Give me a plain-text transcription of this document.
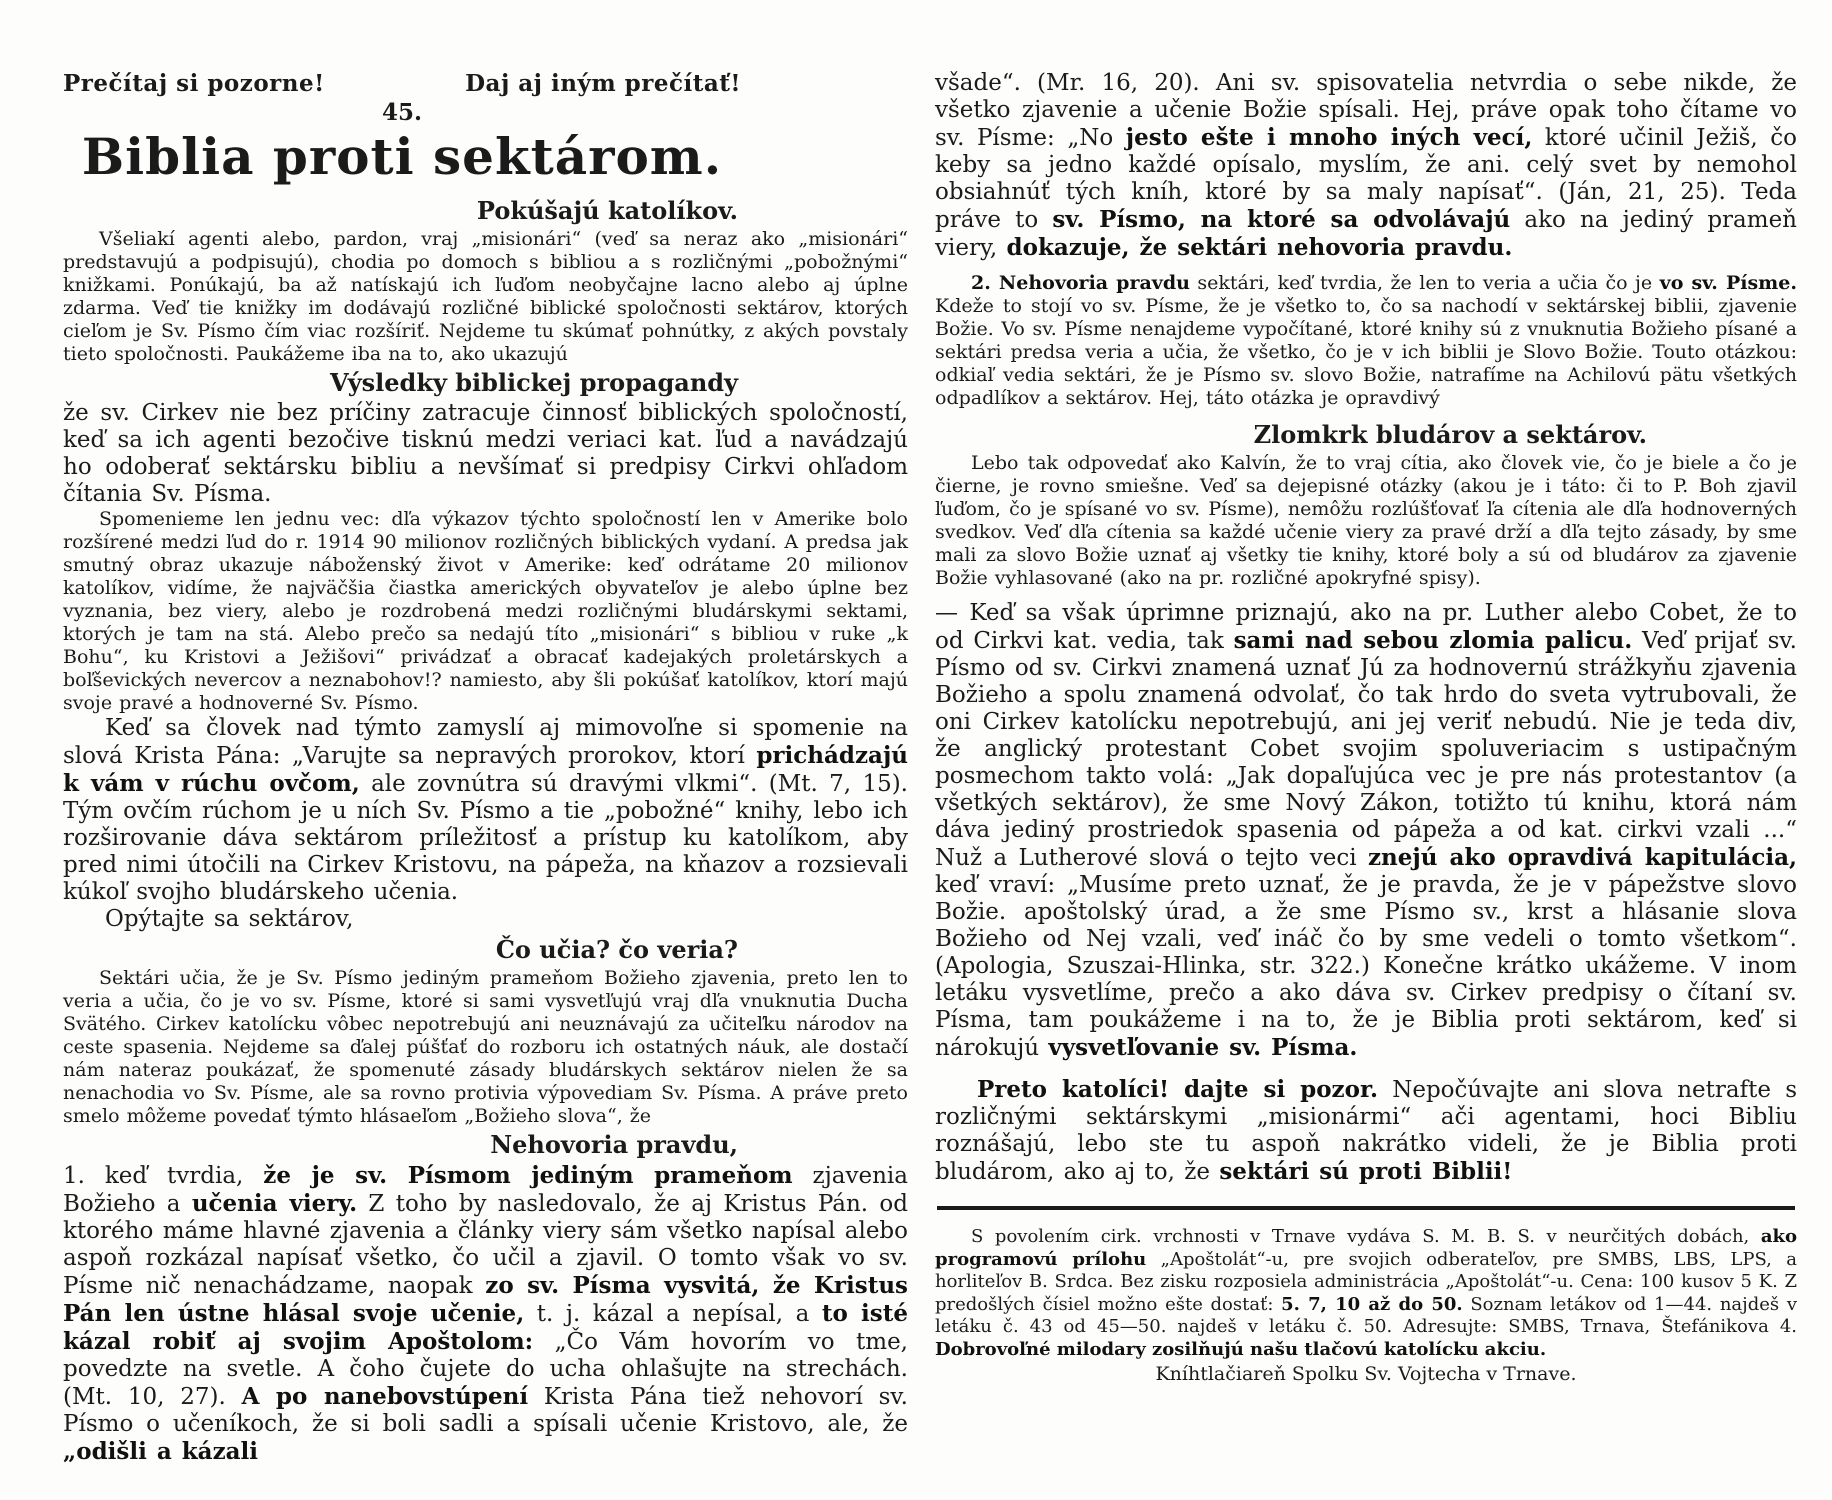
Prečítaj si pozorne!	Daj aj iným prečítať!
45.
Biblia proti sektárom.
Pokúšajú katolíkov.

Všeliakí agenti alebo, pardon, vraj „misionári“ (veď sa neraz ako „misionári“ predstavujú a podpisujú), chodia po domoch s bibliou a s rozličnými „pobožnými“ knižkami. Ponúkajú, ba až natískajú ich ľuďom neobyčajne lacno alebo aj úplne zdarma. Veď tie knižky im dodávajú rozličné biblické spoločnosti sektárov, ktorých cieľom je Sv. Písmo čím viac rozšíriť. Nejdeme tu skúmať pohnútky, z akých povstaly tieto spoločnosti. Paukážeme iba na to, ako ukazujú

Výsledky biblickej propagandy

že sv. Cirkev nie bez príčiny zatracuje činnosť biblických spoločností, keď sa ich agenti bezočive tisknú medzi veriaci kat. ľud a navádzajú ho odoberať sektársku bibliu a nevšímať si predpisy Cirkvi ohľadom čítania Sv. Písma.

Spomenieme len jednu vec: dľa výkazov týchto spoločností len v Amerike bolo rozšírené medzi ľud do r. 1914 90 milionov rozličných biblických vydaní. A predsa jak smutný obraz ukazuje náboženský život v Amerike: keď odrátame 20 milionov katolíkov, vidíme, že najväčšia čiastka amerických obyvateľov je alebo úplne bez vyznania, bez viery, alebo je rozdrobená medzi rozličnými bludárskymi sektami, ktorých je tam na stá. Alebo prečo sa nedajú títo „misionári“ s bibliou v ruke „k Bohu“, ku Kristovi a Ježišovi“ privádzať a obracať kadejakých proletárskych a boľševických nevercov a neznabohov!? namiesto, aby šli pokúšať katolíkov, ktorí majú svoje pravé a hodnoverné Sv. Písmo.

Keď sa človek nad týmto zamyslí aj mimovoľne si spomenie na slová Krista Pána: „Varujte sa nepravých prorokov, ktorí prichádzajú k vám v rúchu ovčom, ale zovnútra sú dravými vlkmi“. (Mt. 7, 15). Tým ovčím rúchom je u ních Sv. Písmo a tie „pobožné“ knihy, lebo ich rozširovanie dáva sektárom príležitosť a prístup ku katolíkom, aby pred nimi útočili na Cirkev Kristovu, na pápeža, na kňazov a rozsievali kúkoľ svojho bludárskeho učenia.

Opýtajte sa sektárov,

Čo učia? čo veria?

Sektári učia, že je Sv. Písmo jediným prameňom Božieho zjavenia, preto len to veria a učia, čo je vo sv. Písme, ktoré si sami vysvetľujú vraj dľa vnuknutia Ducha Svätého. Cirkev katolícku vôbec nepotrebujú ani neuznávajú za učiteľku národov na ceste spasenia. Nejdeme sa ďalej púšťať do rozboru ich ostatných náuk, ale dostačí nám nateraz poukázať, že spomenuté zásady bludárskych sektárov nielen že sa nenachodia vo Sv. Písme, ale sa rovno protivia výpovediam Sv. Písma. A práve preto smelo môžeme povedať týmto hlásaeľom „Božieho slova“, že

Nehovoria pravdu,

1. keď tvrdia, že je sv. Písmom jediným prameňom zjavenia Božieho a učenia viery. Z toho by nasledovalo, že aj Kristus Pán. od ktorého máme hlavné zjavenia a články viery sám všetko napísal alebo aspoň rozkázal napísať všetko, čo učil a zjavil. O tomto však vo sv. Písme nič nenachádzame, naopak zo sv. Písma vysvitá, že Kristus Pán len ústne hlásal svoje učenie, t. j. kázal a nepísal, a to isté kázal robiť aj svojim Apoštolom: „Čo Vám hovorím vo tme, povedzte na svetle. A čoho čujete do ucha ohlašujte na strechách. (Mt. 10, 27). A po nanebovstúpení Krista Pána tiež nehovorí sv. Písmo o učeníkoch, že si boli sadli a spísali učenie Kristovo, ale, že „odišli a kázali

všade“. (Mr. 16, 20). Ani sv. spisovatelia netvrdia o sebe nikde, že všetko zjavenie a učenie Božie spísali. Hej, práve opak toho čítame vo sv. Písme: „No jesto ešte i mnoho iných vecí, ktoré učinil Ježiš, čo keby sa jedno každé opísalo, myslím, že ani. celý svet by nemohol obsiahnúť tých kníh, ktoré by sa maly napísať“. (Ján, 21, 25). Teda práve to sv. Písmo, na ktoré sa odvolávajú ako na jediný prameň viery, dokazuje, že sektári nehovoria pravdu.

2. Nehovoria pravdu sektári, keď tvrdia, že len to veria a učia čo je vo sv. Písme. Kdeže to stojí vo sv. Písme, že je všetko to, čo sa nachodí v sektárskej biblii, zjavenie Božie. Vo sv. Písme nenajdeme vypočítané, ktoré knihy sú z vnuknutia Božieho písané a sektári predsa veria a učia, že všetko, čo je v ich biblii je Slovo Božie. Touto otázkou: odkiaľ vedia sektári, že je Písmo sv. slovo Božie, natrafíme na Achilovú pätu všetkých odpadlíkov a sektárov. Hej, táto otázka je opravdivý

Zlomkrk bludárov a sektárov.

Lebo tak odpovedať ako Kalvín, že to vraj cítia, ako človek vie, čo je biele a čo je čierne, je rovno smiešne. Veď sa dejepisné otázky (akou je i táto: či to P. Boh zjavil ľuďom, čo je spísané vo sv. Písme), nemôžu rozlúšťovať ľa cítenia ale dľa hodnoverných svedkov. Veď dľa cítenia sa každé učenie viery za pravé drží a dľa tejto zásady, by sme mali za slovo Božie uznať aj všetky tie knihy, ktoré boly a sú od bludárov za zjavenie Božie vyhlasované (ako na pr. rozličné apokryfné spisy).

— Keď sa však úprimne priznajú, ako na pr. Luther alebo Cobet, že to od Cirkvi kat. vedia, tak sami nad sebou zlomia palicu. Veď prijať sv. Písmo od sv. Cirkvi znamená uznať Jú za hodnovernú strážkyňu zjavenia Božieho a spolu znamená odvolať, čo tak hrdo do sveta vytrubovali, že oni Cirkev katolícku nepotrebujú, ani jej veriť nebudú. Nie je teda div, že anglický protestant Cobet svojim spoluveriacim s ustipačným posmechom takto volá: „Jak dopaľujúca vec je pre nás protestantov (a všetkých sektárov), že sme Nový Zákon, totižto tú knihu, ktorá nám dáva jediný prostriedok spasenia od pápeža a od kat. cirkvi vzali ...“ Nuž a Lutherové slová o tejto veci znejú ako opravdivá kapitulácia, keď vraví: „Musíme preto uznať, že je pravda, že je v pápežstve slovo Božie. apoštolský úrad, a že sme Písmo sv., krst a hlásanie slova Božieho od Nej vzali, veď ináč čo by sme vedeli o tomto všetkom“. (Apologia, Szuszai-Hlinka, str. 322.) Konečne krátko ukážeme. V inom letáku vysvetlíme, prečo a ako dáva sv. Cirkev predpisy o čítaní sv. Písma, tam poukážeme i na to, že je Biblia proti sektárom, keď si nárokujú vysvetľovanie sv. Písma.

Preto katolíci! dajte si pozor. Nepočúvajte ani slova netrafte s rozličnými sektárskymi „misionármi“ ači agentami, hoci Bibliu roznášajú, lebo ste tu aspoň nakrátko videli, že je Biblia proti bludárom, ako aj to, že sektári sú proti Biblii!

S povolením cirk. vrchnosti v Trnave vydáva S. M. B. S. v neurčitých dobách, ako programovú prílohu „Apoštolát“-u, pre svojich odberateľov, pre SMBS, LBS, LPS, a horliteľov B. Srdca. Bez zisku rozposiela administrácia „Apoštolát“-u. Cena: 100 kusov 5 K. Z predošlých čísiel možno ešte dostať: 5. 7, 10 až do 50. Soznam letákov od 1—44. najdeš v letáku č. 43 od 45—50. najdeš v letáku č. 50. Adresujte: SMBS, Trnava, Štefánikova 4. Dobrovoľné milodary zosilňujú našu tlačovú katolícku akciu.

Kníhtlačiareň Spolku Sv. Vojtecha v Trnave.
